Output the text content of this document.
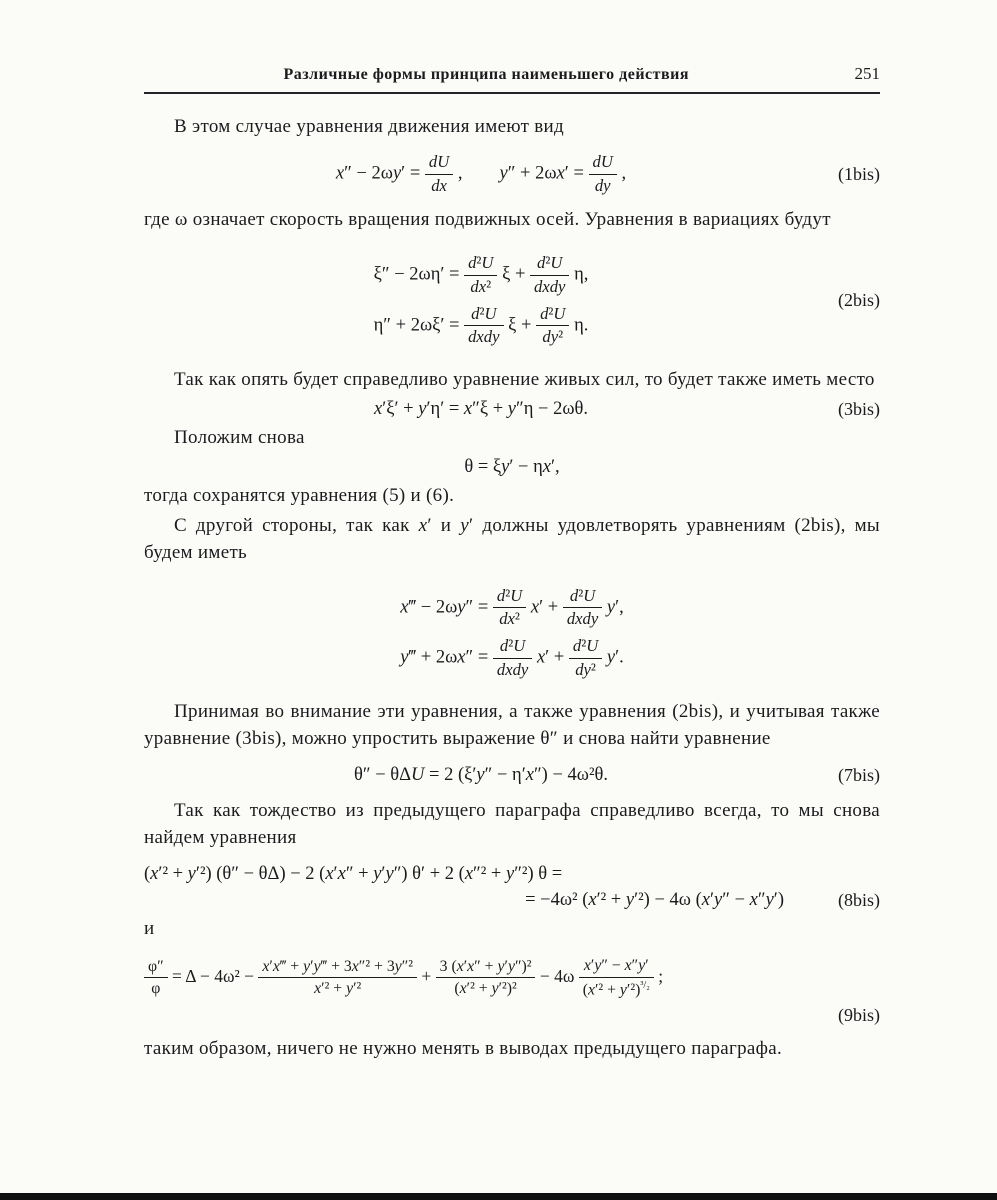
Различные формы принципа наименьшего действия	251

В этом случае уравнения движения имеют вид

$x'' - 2\omega y' = \frac{dU}{dx}$ ,  $y'' + 2\omega x' = \frac{dU}{dy}$ ,	(1bis)

где ω означает скорость вращения подвижных осей. Уравнения в вариациях будут

$\xi'' - 2\omega\eta' = \frac{\text{d²U}}{\text{dx²}}$ $\xi + \frac{\text{d²U}}{\text{dxdy}} \eta$,
$\eta'' + 2\omega\xi' = \frac{\text{d²U}}{\text{dxdy}}$ $\xi + \frac{\text{d²U}}{\text{dy²}} \eta$.
(2bis)

Так как опять будет справедливо уравнение живых сил, то будет также иметь место

x′ξ′ + y′η′ = x″ξ + y″η − 2ωθ.	(3bis)

Положим снова

θ = ξy′ − ηx′,

тогда сохранятся уравнения (5) и (6).

С другой стороны, так как x′ и y′ должны удовлетворять уравнениям (2bis), мы будем иметь

x‴ − $2\omega y'' = \frac{\text{d²U}}{\text{dx²}} x' + \frac{\text{d²U}}{\text{dxdy}} y'$,
y‴ + $2\omega x'' = \frac{\text{d²U}}{\text{dxdy}} x' + \frac{\text{d²U}}{\text{dy²}} y'$.

Принимая во внимание эти уравнения, а также уравнения (2bis), и учитывая также уравнение (3bis), можно упростить выражение θ″ и снова найти уравнение

θ″ − θΔU = 2 (ξ′y″ − η′x″) − 4ω²θ.	(7bis)

Так как тождество из предыдущего параграфа справедливо всегда, то мы снова найдем уравнения

(x′² + y′²) (θ″ − θΔ) − 2 (x′x″ + y′y″) θ′ + 2 (x″² + y″²) θ =
= −4ω² (x′² + y′²) − 4ω (x′y″ − x″y′)	(8bis)

и

$\frac{\varphi''}{\varphi} = \Delta - 4\omega^2 - \frac{\text{x′x‴ + y′y‴ + 3x″² + 3y″²}}{\text{x′² + y′²}} + \frac{\text{3 (x′x″ + y′y″)²}}{\text{(x′² + y′²)²}} - 4\omega \frac{x'y'' - x''y'}{(x'^2 + y'^2)^{^3/_2}}$ ;
(9bis)

таким образом, ничего не нужно менять в выводах предыдущего параграфа.
